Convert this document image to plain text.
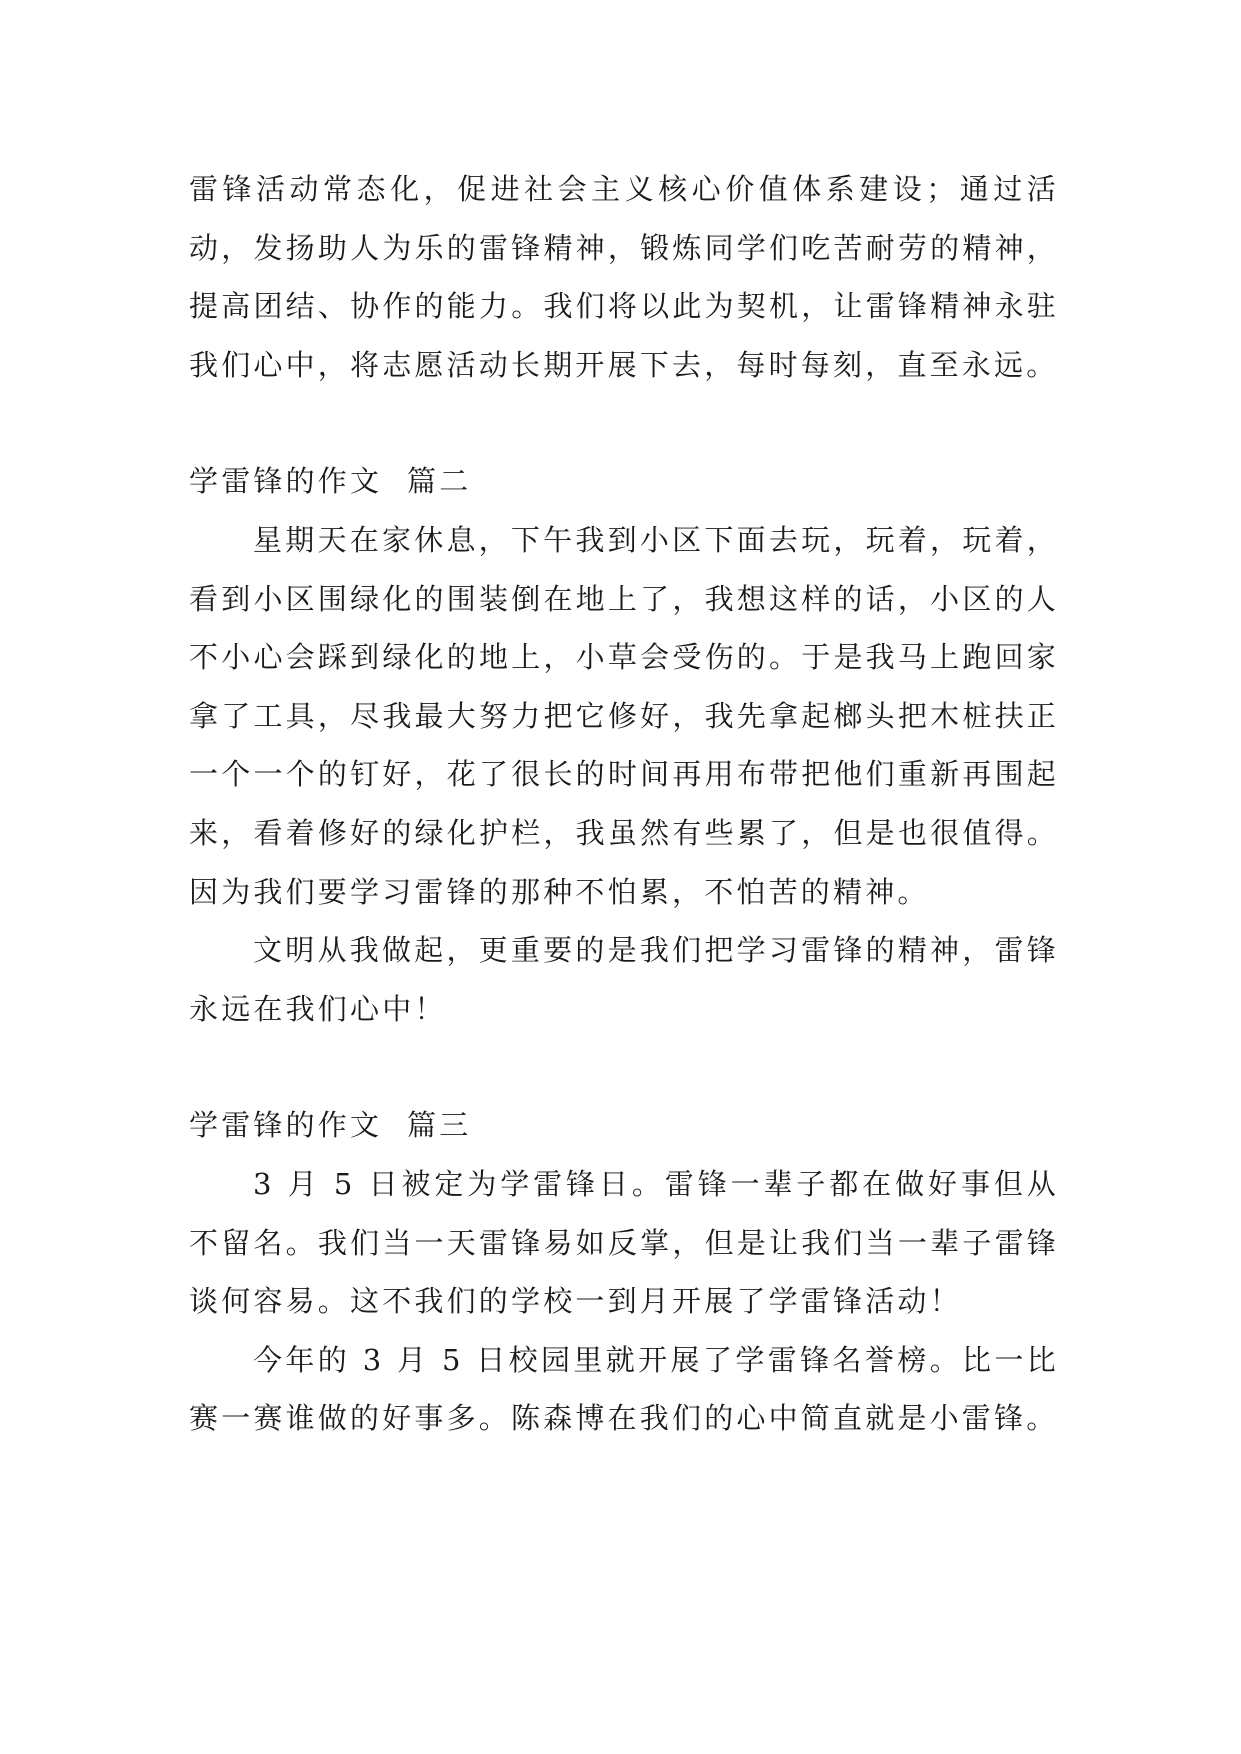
雷锋活动常态化，促进社会主义核心价值体系建设；通过活动，发扬助人为乐的雷锋精神，锻炼同学们吃苦耐劳的精神，提高团结、协作的能力。我们将以此为契机，让雷锋精神永驻我们心中，将志愿活动长期开展下去，每时每刻，直至永远。

学雷锋的作文  篇二

星期天在家休息，下午我到小区下面去玩，玩着，玩着，看到小区围绿化的围装倒在地上了，我想这样的话，小区的人不小心会踩到绿化的地上，小草会受伤的。于是我马上跑回家拿了工具，尽我最大努力把它修好，我先拿起榔头把木桩扶正一个一个的钉好，花了很长的时间再用布带把他们重新再围起来，看着修好的绿化护栏，我虽然有些累了，但是也很值得。因为我们要学习雷锋的那种不怕累，不怕苦的精神。

文明从我做起，更重要的是我们把学习雷锋的精神，雷锋永远在我们心中！

学雷锋的作文  篇三

3 月 5 日被定为学雷锋日。雷锋一辈子都在做好事但从不留名。我们当一天雷锋易如反掌，但是让我们当一辈子雷锋谈何容易。这不我们的学校一到月开展了学雷锋活动！

今年的 3 月 5 日校园里就开展了学雷锋名誉榜。比一比赛一赛谁做的好事多。陈森博在我们的心中简直就是小雷锋。
